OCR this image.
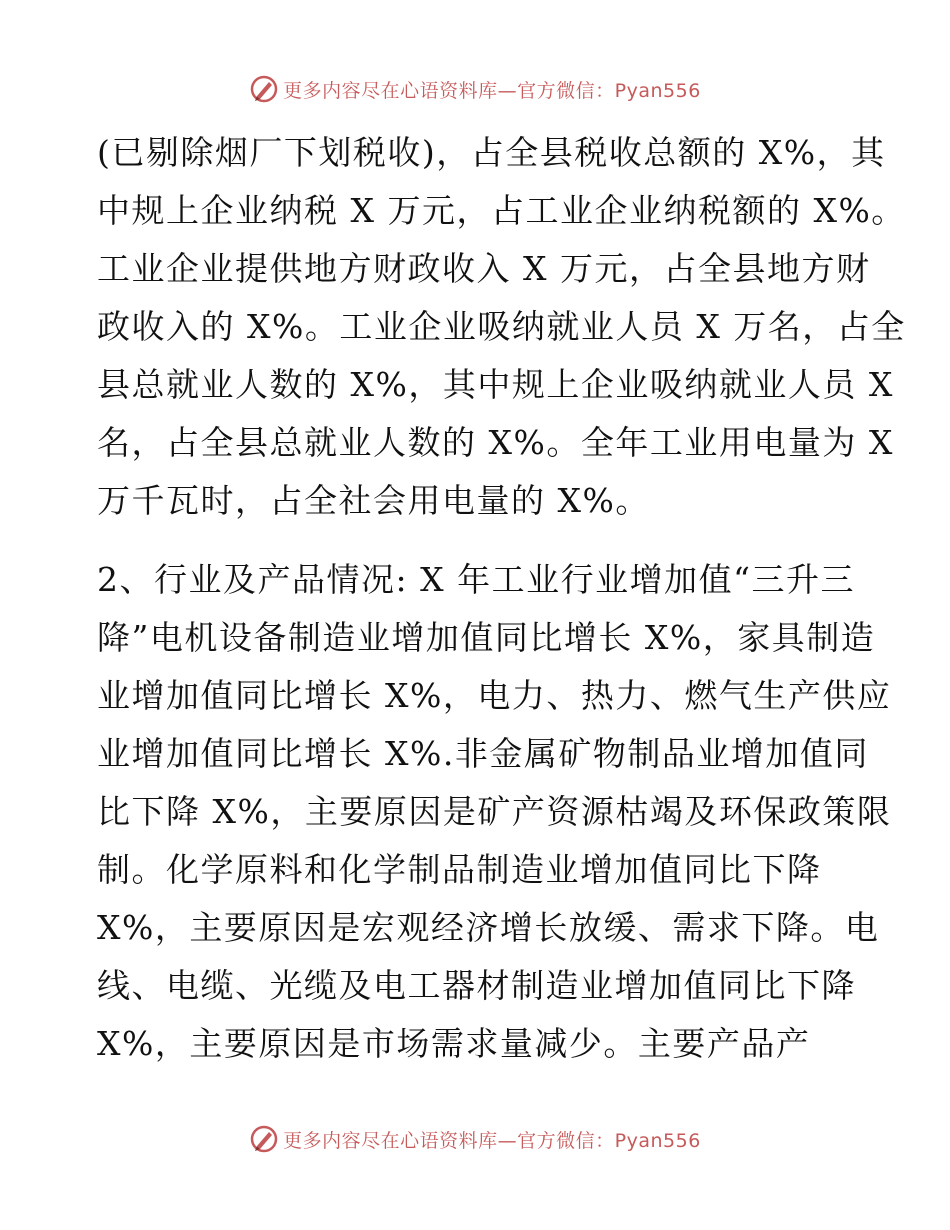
更多内容尽在心语资料库—官方微信：Pyan556
(已剔除烟厂下划税收)，占全县税收总额的 X%，其
中规上企业纳税 X 万元，占工业企业纳税额的 X%。
工业企业提供地方财政收入 X 万元，占全县地方财
政收入的 X%。工业企业吸纳就业人员 X 万名，占全
县总就业人数的 X%，其中规上企业吸纳就业人员 X
名，占全县总就业人数的 X%。全年工业用电量为 X
万千瓦时，占全社会用电量的 X%。
2、行业及产品情况: X 年工业行业增加值“三升三
降”电机设备制造业增加值同比增长 X%，家具制造
业增加值同比增长 X%，电力、热力、燃气生产供应
业增加值同比增长 X%.非金属矿物制品业增加值同
比下降 X%，主要原因是矿产资源枯竭及环保政策限
制。化学原料和化学制品制造业增加值同比下降
X%，主要原因是宏观经济增长放缓、需求下降。电
线、电缆、光缆及电工器材制造业增加值同比下降
X%，主要原因是市场需求量减少。主要产品产
更多内容尽在心语资料库—官方微信：Pyan556
